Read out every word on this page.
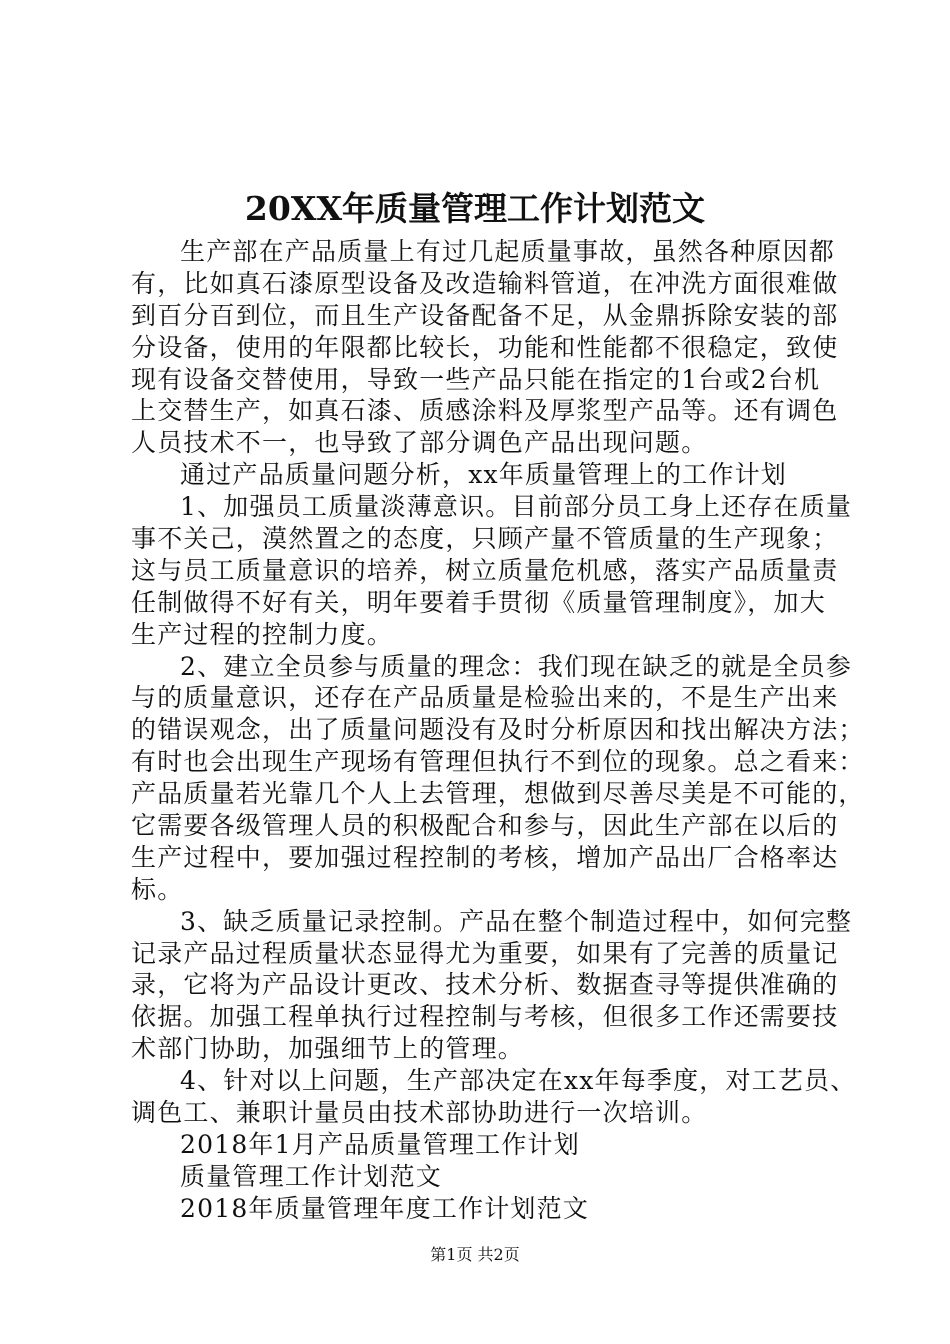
20XX年质量管理工作计划范文
生产部在产品质量上有过几起质量事故，虽然各种原因都
有，比如真石漆原型设备及改造输料管道，在冲洗方面很难做
到百分百到位，而且生产设备配备不足，从金鼎拆除安装的部
分设备，使用的年限都比较长，功能和性能都不很稳定，致使
现有设备交替使用，导致一些产品只能在指定的1台或2台机
上交替生产，如真石漆、质感涂料及厚浆型产品等。还有调色
人员技术不一，也导致了部分调色产品出现问题。
通过产品质量问题分析，xx年质量管理上的工作计划
1、加强员工质量淡薄意识。目前部分员工身上还存在质量
事不关己，漠然置之的态度，只顾产量不管质量的生产现象；
这与员工质量意识的培养，树立质量危机感，落实产品质量责
任制做得不好有关，明年要着手贯彻《质量管理制度》，加大
生产过程的控制力度。
2、建立全员参与质量的理念：我们现在缺乏的就是全员参
与的质量意识，还存在产品质量是检验出来的，不是生产出来
的错误观念，出了质量问题没有及时分析原因和找出解决方法；
有时也会出现生产现场有管理但执行不到位的现象。总之看来：
产品质量若光靠几个人上去管理，想做到尽善尽美是不可能的，
它需要各级管理人员的积极配合和参与，因此生产部在以后的
生产过程中，要加强过程控制的考核，增加产品出厂合格率达
标。
3、缺乏质量记录控制。产品在整个制造过程中，如何完整
记录产品过程质量状态显得尤为重要，如果有了完善的质量记
录，它将为产品设计更改、技术分析、数据查寻等提供准确的
依据。加强工程单执行过程控制与考核，但很多工作还需要技
术部门协助，加强细节上的管理。
4、针对以上问题，生产部决定在xx年每季度，对工艺员、
调色工、兼职计量员由技术部协助进行一次培训。
2018年1月产品质量管理工作计划
质量管理工作计划范文
2018年质量管理年度工作计划范文
第1页 共2页
